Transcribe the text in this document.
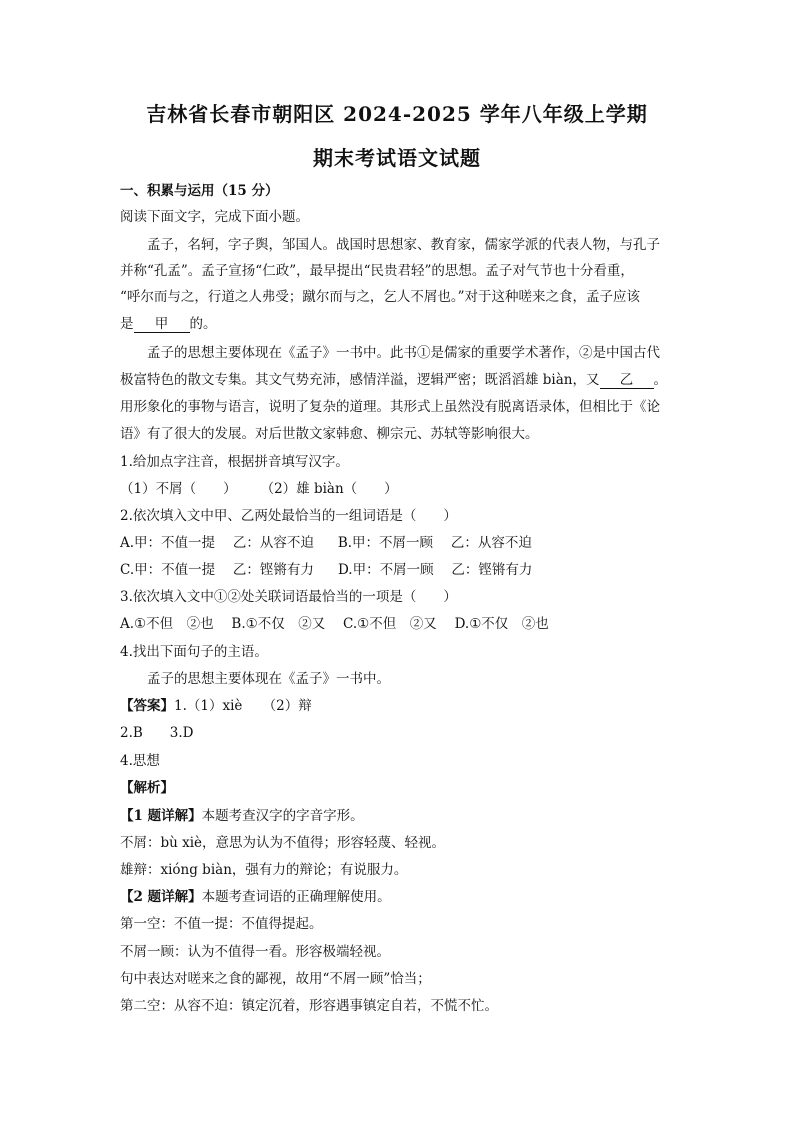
吉林省长春市朝阳区 2024-2025 学年八年级上学期
期末考试语文试题
一、积累与运用（15 分）
阅读下面文字，完成下面小题。
孟子，名轲，字子舆，邹国人。战国时思想家、教育家，儒家学派的代表人物，与孔子
并称“孔孟”。孟子宣扬“仁政”，最早提出“民贵君轻”的思想。孟子对气节也十分看重，
“呼尔而与之，行道之人弗受；蹴尔而与之，乞人不屑也。”对于这种嗟来之食，孟子应该
是 甲 的。
孟子的思想主要体现在《孟子》一书中。此书①是儒家的重要学术著作，②是中国古代
极富特色的散文专集。其文气势充沛，感情洋溢，逻辑严密；既滔滔雄 biàn，又 乙 。
用形象化的事物与语言，说明了复杂的道理。其形式上虽然没有脱离语录体，但相比于《论
语》有了很大的发展。对后世散文家韩愈、柳宗元、苏轼等影响很大。
1.给加点字注音，根据拼音填写汉字。
（1）不屑（　　） （2）雄 biàn（　　）
2.依次填入文中甲、乙两处最恰当的一组词语是（　　）
A.甲：不值一提　 乙：从容不迫 B.甲：不屑一顾　 乙：从容不迫
C.甲：不值一提　 乙：铿锵有力 D.甲：不屑一顾　 乙：铿锵有力
3.依次填入文中①②处关联词语最恰当的一项是（　　）
A.①不但　②也　 B.①不仅　②又　 C.①不但　②又　 D.①不仅　②也
4.找出下面句子的主语。
孟子的思想主要体现在《孟子》一书中。
【答案】1.（1）xiè　　（2）辩
2.B　　3.D
4.思想
【解析】
【1 题详解】本题考查汉字的字音字形。
不屑：bù xiè，意思为认为不值得；形容轻蔑、轻视。
雄辩：xióng biàn，强有力的辩论；有说服力。
【2 题详解】本题考查词语的正确理解使用。
第一空：不值一提：不值得提起。
不屑一顾：认为不值得一看。形容极端轻视。
句中表达对嗟来之食的鄙视，故用“不屑一顾”恰当；
第二空：从容不迫：镇定沉着，形容遇事镇定自若，不慌不忙。
